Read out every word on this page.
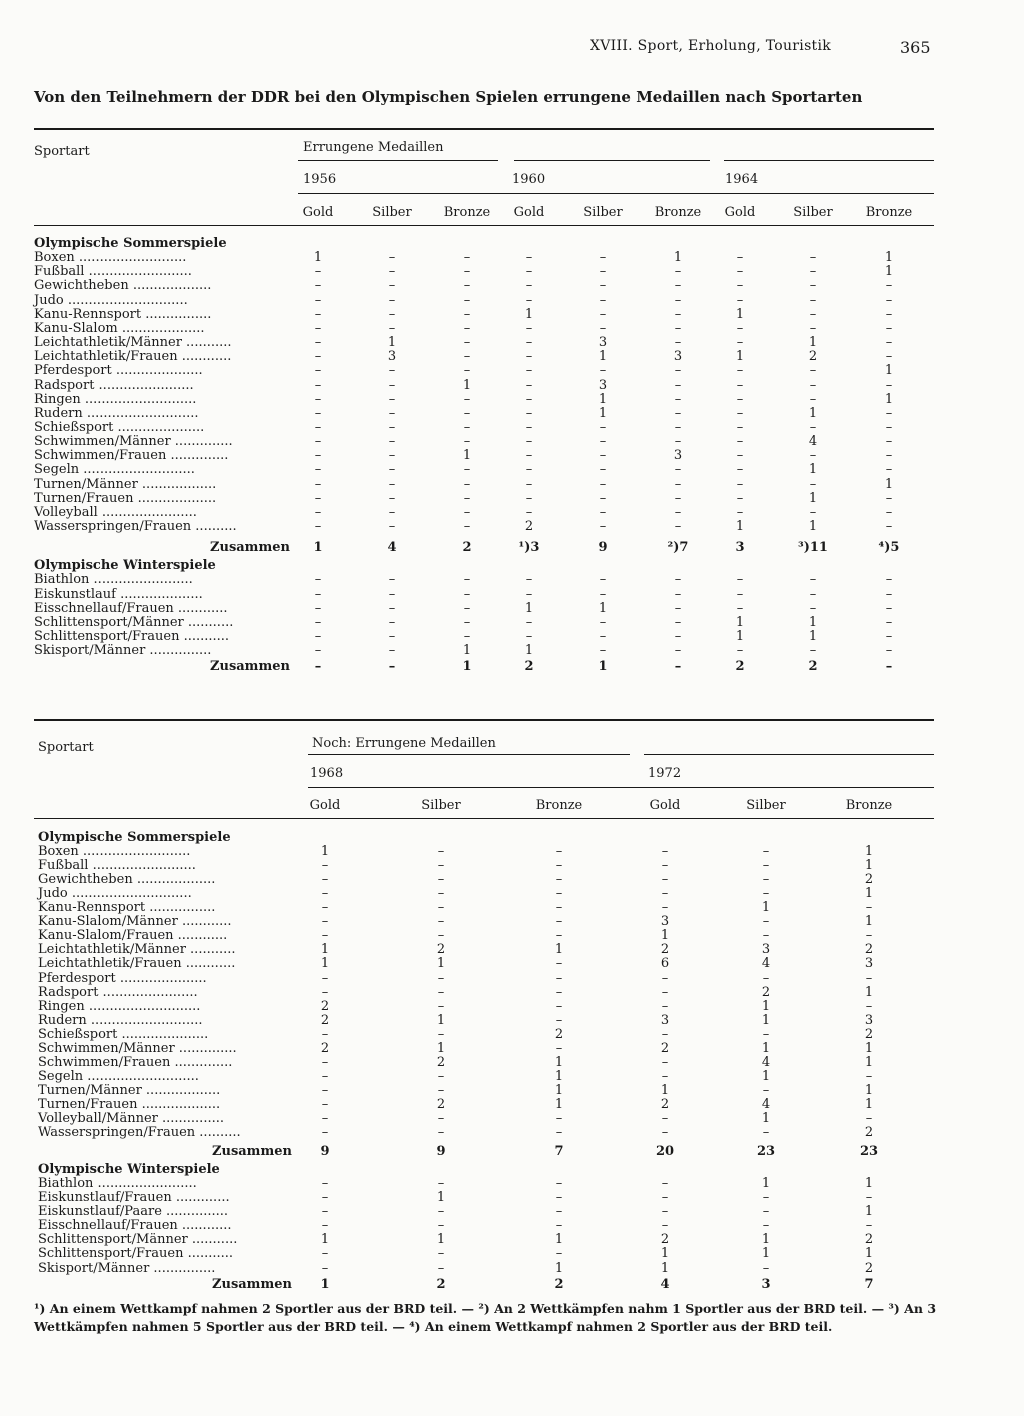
XVIII. Sport, Erholung, Touristik	365
Von den Teilnehmern der DDR bei den Olympischen Spielen errungene Medaillen nach Sportarten
Sportart	Errungene Medaillen
1956	1960	1964
Gold	Silber	Bronze	Gold	Silber	Bronze	Gold	Silber	Bronze
Olympische Sommerspiele
Boxen ..........................	1	–	–	–	–	1	–	–	1
Fußball .........................	–	–	–	–	–	–	–	–	1
Gewichtheben ...................	–	–	–	–	–	–	–	–	–
Judo .............................	–	–	–	–	–	–	–	–	–
Kanu-Rennsport ................	–	–	–	1	–	–	1	–	–
Kanu-Slalom ....................	–	–	–	–	–	–	–	–	–
Leichtathletik/Männer ...........	–	1	–	–	3	–	–	1	–
Leichtathletik/Frauen ............	–	3	–	–	1	3	1	2	–
Pferdesport .....................	–	–	–	–	–	–	–	–	1
Radsport .......................	–	–	1	–	3	–	–	–	–
Ringen ...........................	–	–	–	–	1	–	–	–	1
Rudern ...........................	–	–	–	–	1	–	–	1	–
Schießsport .....................	–	–	–	–	–	–	–	–	–
Schwimmen/Männer ..............	–	–	–	–	–	–	–	4	–
Schwimmen/Frauen ..............	–	–	1	–	–	3	–	–	–
Segeln ...........................	–	–	–	–	–	–	–	1	–
Turnen/Männer ..................	–	–	–	–	–	–	–	–	1
Turnen/Frauen ...................	–	–	–	–	–	–	–	1	–
Volleyball .......................	–	–	–	–	–	–	–	–	–
Wasserspringen/Frauen ..........	–	–	–	2	–	–	1	1	–
Zusammen	1	4	2	¹)3	9	²)7	3	³)11	⁴)5
Olympische Winterspiele
Biathlon ........................	–	–	–	–	–	–	–	–	–
Eiskunstlauf ....................	–	–	–	–	–	–	–	–	–
Eisschnellauf/Frauen ............	–	–	–	1	1	–	–	–	–
Schlittensport/Männer ...........	–	–	–	–	–	–	1	1	–
Schlittensport/Frauen ...........	–	–	–	–	–	–	1	1	–
Skisport/Männer ...............	–	–	1	1	–	–	–	–	–
Zusammen	–	–	1	2	1	–	2	2	–
Sportart	Noch: Errungene Medaillen
1968	1972
Gold	Silber	Bronze	Gold	Silber	Bronze
Olympische Sommerspiele
Boxen ..........................	1	–	–	–	–	1
Fußball .........................	–	–	–	–	–	1
Gewichtheben ...................	–	–	–	–	–	2
Judo .............................	–	–	–	–	–	1
Kanu-Rennsport ................	–	–	–	–	1	–
Kanu-Slalom/Männer ............	–	–	–	3	–	1
Kanu-Slalom/Frauen ............	–	–	–	1	–	–
Leichtathletik/Männer ...........	1	2	1	2	3	2
Leichtathletik/Frauen ............	1	1	–	6	4	3
Pferdesport .....................	–	–	–	–	–	–
Radsport .......................	–	–	–	–	2	1
Ringen ...........................	2	–	–	–	1	–
Rudern ...........................	2	1	–	3	1	3
Schießsport .....................	–	–	2	–	–	2
Schwimmen/Männer ..............	2	1	–	2	1	1
Schwimmen/Frauen ..............	–	2	1	–	4	1
Segeln ...........................	–	–	1	–	1	–
Turnen/Männer ..................	–	–	1	1	–	1
Turnen/Frauen ...................	–	2	1	2	4	1
Volleyball/Männer ...............	–	–	–	–	1	–
Wasserspringen/Frauen ..........	–	–	–	–	–	2
Zusammen	9	9	7	20	23	23
Olympische Winterspiele
Biathlon ........................	–	–	–	–	1	1
Eiskunstlauf/Frauen .............	–	1	–	–	–	–
Eiskunstlauf/Paare ...............	–	–	–	–	–	1
Eisschnellauf/Frauen ............	–	–	–	–	–	–
Schlittensport/Männer ...........	1	1	1	2	1	2
Schlittensport/Frauen ...........	–	–	–	1	1	1
Skisport/Männer ...............	–	–	1	1	–	2
Zusammen	1	2	2	4	3	7
¹) An einem Wettkampf nahmen 2 Sportler aus der BRD teil. — ²) An 2 Wettkämpfen nahm 1 Sportler aus der BRD teil. — ³) An 3 Wettkämpfen nahmen 5 Sportler aus der BRD teil. — ⁴) An einem Wettkampf nahmen 2 Sportler aus der BRD teil.
